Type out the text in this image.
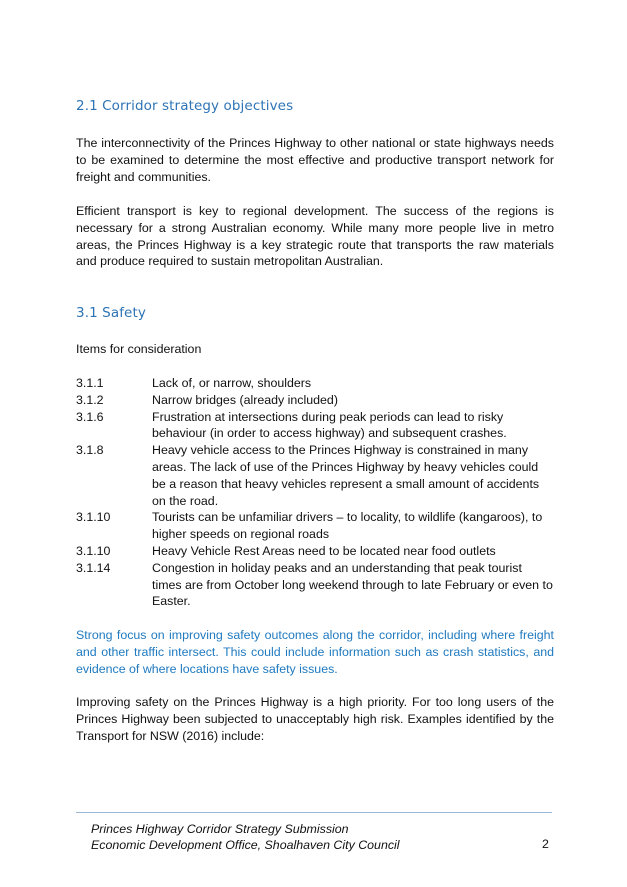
2.1 Corridor strategy objectives

The interconnectivity of the Princes Highway to other national or state highways needs to be examined to determine the most effective and productive transport network for freight and communities.

Efficient transport is key to regional development. The success of the regions is necessary for a strong Australian economy. While many more people live in metro areas, the Princes Highway is a key strategic route that transports the raw materials and produce required to sustain metropolitan Australian.

3.1 Safety
Items for consideration
3.1.1	Lack of, or narrow, shoulders
3.1.2	Narrow bridges (already included)
3.1.6	Frustration at intersections during peak periods can lead to risky behaviour (in order to access highway) and subsequent crashes.
3.1.8	Heavy vehicle access to the Princes Highway is constrained in many areas. The lack of use of the Princes Highway by heavy vehicles could be a reason that heavy vehicles represent a small amount of accidents on the road.
3.1.10	Tourists can be unfamiliar drivers – to locality, to wildlife (kangaroos), to higher speeds on regional roads
3.1.10	Heavy Vehicle Rest Areas need to be located near food outlets
3.1.14	Congestion in holiday peaks and an understanding that peak tourist times are from October long weekend through to late February or even to Easter.

Strong focus on improving safety outcomes along the corridor, including where freight and other traffic intersect. This could include information such as crash statistics, and evidence of where locations have safety issues.

Improving safety on the Princes Highway is a high priority. For too long users of the Princes Highway been subjected to unacceptably high risk. Examples identified by the Transport for NSW (2016) include:

Princes Highway Corridor Strategy Submission
Economic Development Office, Shoalhaven City Council	2
